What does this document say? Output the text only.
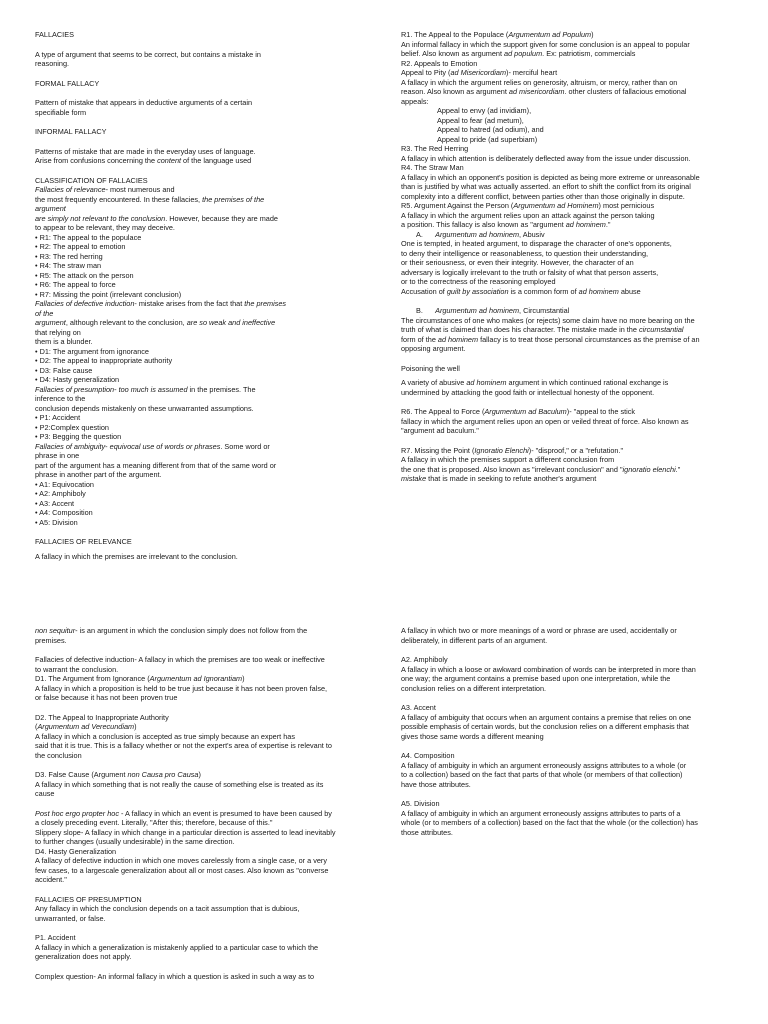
FALLACIES

A type of argument that seems to be correct, but contains a mistake in

reasoning.

FORMAL FALLACY

Pattern of mistake that appears in deductive arguments of a certain specifiable form

INFORMAL FALLACY

Patterns of mistake that are made in the everyday uses of language.

Arise from confusions concerning the content of the language used

CLASSIFICATION OF FALLACIES

Fallacies of relevance- most numerous and

the most frequently encountered. In these fallacies, the premises of the argument

are simply not relevant to the conclusion. However, because they are made

to appear to be relevant, they may deceive.

• R1: The appeal to the populace

• R2: The appeal to emotion

• R3: The red herring

• R4: The straw man

• R5: The attack on the person

• R6: The appeal to force

• R7: Missing the point (irrelevant conclusion)

Fallacies of defective induction- mistake arises from the fact that the premises of the

argument, although relevant to the conclusion, are so weak and ineffective that relying on

them is a blunder.

• D1: The argument from ignorance

• D2: The appeal to inappropriate authority

• D3: False cause

• D4: Hasty generalization

Fallacies of presumption- too much is assumed in the premises. The inference to the

conclusion depends mistakenly on these unwarranted assumptions.

• P1: Accident

• P2:Complex question

• P3: Begging the question

Fallacies of ambiguity- equivocal use of words or phrases. Some word or phrase in one

part of the argument has a meaning different from that of the same word or

phrase in another part of the argument.

• A1: Equivocation

• A2: Amphiboly

• A3: Accent

• A4: Composition

• A5: Division

FALLACIES OF RELEVANCE

A fallacy in which the premises are irrelevant to the conclusion.

R1. The Appeal to the Populace (Argumentum ad Populum)

An informal fallacy in which the support given for some conclusion is an appeal to popular

belief. Also known as argument ad populum. Ex: patriotism, commercials

R2. Appeals to Emotion

Appeal to Pity (ad Misericordiam)- merciful heart

A fallacy in which the argument relies on generosity, altruism, or mercy, rather than on

reason. Also known as argument ad misericordiam. other clusters of fallacious emotional

appeals:

Appeal to envy (ad invidiam),

Appeal to fear (ad metum),

Appeal to hatred (ad odium), and

Appeal to pride (ad superbiam)

R3. The Red Herring

A fallacy in which attention is deliberately deflected away from the issue under discussion.

R4. The Straw Man

A fallacy in which an opponent's position is depicted as being more extreme or unreasonable

than is justified by what was actually asserted. an effort to shift the conflict from its original

complexity into a different conflict, between parties other than those originally in dispute.

R5. Argument Against the Person (Argumentum ad Hominem) most pernicious

A fallacy in which the argument relies upon an attack against the person taking

a position. This fallacy is also known as "argument ad hominem."

A. Argumentum ad hominem, Abusiv

One is tempted, in heated argument, to disparage the character of one's opponents,

to deny their intelligence or reasonableness, to question their understanding,

or their seriousness, or even their integrity. However, the character of an

adversary is logically irrelevant to the truth or falsity of what that person asserts,

or to the correctness of the reasoning employed

Accusation of guilt by association is a common form of ad hominem abuse

B. Argumentum ad hominem, Circumstantial

The circumstances of one who makes (or rejects) some claim have no more bearing on the

truth of what is claimed than does his character. The mistake made in the circumstantial

form of the ad hominem fallacy is to treat those personal circumstances as the premise of an

opposing argument.

Poisoning the well

A variety of abusive ad hominem argument in which continued rational exchange is

undermined by attacking the good faith or intellectual honesty of the opponent.

R6. The Appeal to Force (Argumentum ad Baculum)- "appeal to the stick

fallacy in which the argument relies upon an open or veiled threat of force. Also known as

"argument ad baculum."

R7. Missing the Point (Ignoratio Elenchi)- "disproof," or a "refutation."

A fallacy in which the premises support a different conclusion from

the one that is proposed. Also known as "irrelevant conclusion" and "ignoratio elenchi."

mistake that is made in seeking to refute another's argument

non sequitur- is an argument in which the conclusion simply does not follow from the

premises.

Fallacies of defective induction- A fallacy in which the premises are too weak or ineffective

to warrant the conclusion.

D1. The Argument from Ignorance (Argumentum ad Ignorantiam)

A fallacy in which a proposition is held to be true just because it has not been proven false,

or false because it has not been proven true

D2. The Appeal to Inappropriate Authority

(Argumentum ad Verecundiam)

A fallacy in which a conclusion is accepted as true simply because an expert has

said that it is true. This is a fallacy whether or not the expert's area of expertise is relevant to

the conclusion

D3. False Cause (Argument non Causa pro Causa)

A fallacy in which something that is not really the cause of something else is treated as its

cause

Post hoc ergo propter hoc - A fallacy in which an event is presumed to have been caused by

a closely preceding event. Literally, "After this; therefore, because of this."

Slippery slope- A fallacy in which change in a particular direction is asserted to lead inevitably

to further changes (usually undesirable) in the same direction.

D4. Hasty Generalization

A fallacy of defective induction in which one moves carelessly from a single case, or a very

few cases, to a largescale generalization about all or most cases. Also known as "converse

accident."

FALLACIES OF PRESUMPTION

Any fallacy in which the conclusion depends on a tacit assumption that is dubious,

unwarranted, or false.

P1. Accident

A fallacy in which a generalization is mistakenly applied to a particular case to which the

generalization does not apply.

Complex question- An informal fallacy in which a question is asked in such a way as to

A fallacy in which two or more meanings of a word or phrase are used, accidentally or

deliberately, in different parts of an argument.

A2. Amphiboly

A fallacy in which a loose or awkward combination of words can be interpreted in more than

one way; the argument contains a premise based upon one interpretation, while the

conclusion relies on a different interpretation.

A3. Accent

A fallacy of ambiguity that occurs when an argument contains a premise that relies on one

possible emphasis of certain words, but the conclusion relies on a different emphasis that

gives those same words a different meaning

A4. Composition

A fallacy of ambiguity in which an argument erroneously assigns attributes to a whole (or

to a collection) based on the fact that parts of that whole (or members of that collection)

have those attributes.

A5. Division

A fallacy of ambiguity in which an argument erroneously assigns attributes to parts of a

whole (or to members of a collection) based on the fact that the whole (or the collection) has

those attributes.
